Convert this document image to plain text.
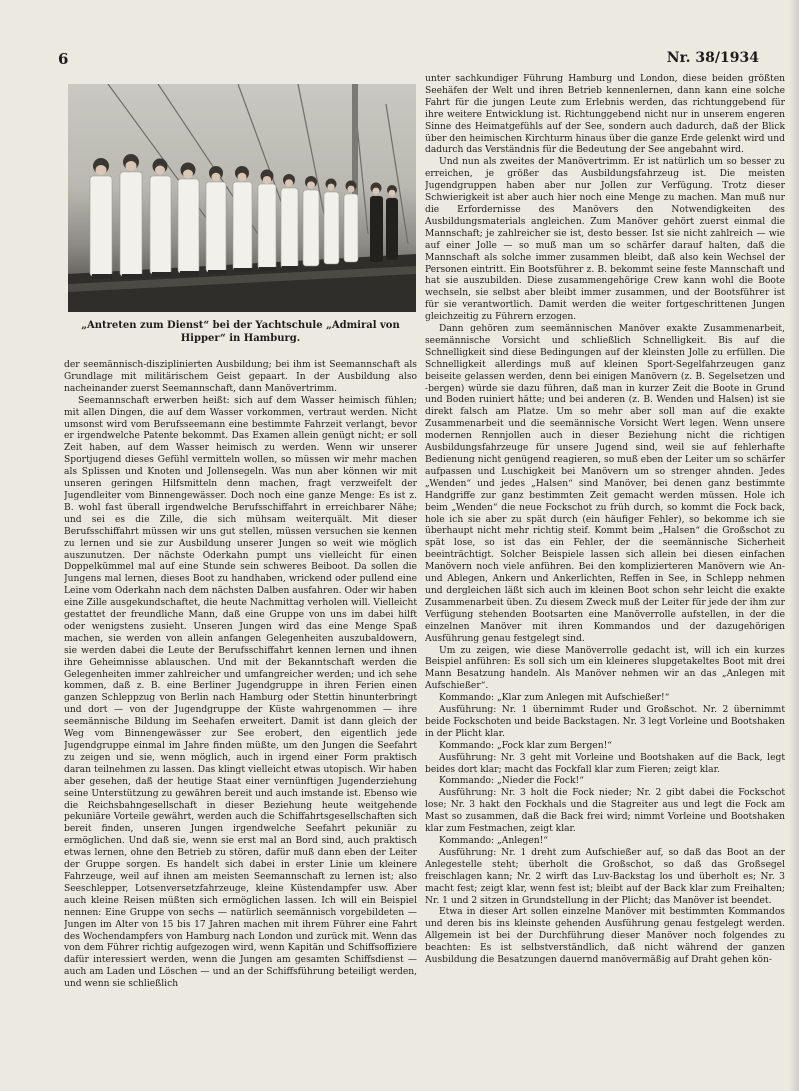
6	Nr. 38/1934
„Antreten zum Dienst“ bei der Yachtschule „Admiral von Hipper“ in Hamburg.

der seemännisch-disziplinierten Ausbildung; bei ihm ist Seemannschaft als Grundlage mit militärischem Geist gepaart. In der Ausbildung also nacheinander zuerst Seemannschaft, dann Manövertrimm.

Seemannschaft erwerben heißt: sich auf dem Wasser heimisch fühlen; mit allen Dingen, die auf dem Wasser vorkommen, vertraut werden. Nicht umsonst wird vom Berufsseemann eine bestimmte Fahrzeit verlangt, bevor er irgendwelche Patente bekommt. Das Examen allein genügt nicht; er soll Zeit haben, auf dem Wasser heimisch zu werden. Wenn wir unserer Sportjugend dieses Gefühl vermitteln wollen, so müssen wir mehr machen als Splissen und Knoten und Jollensegeln. Was nun aber können wir mit unseren geringen Hilfsmitteln denn machen, fragt verzweifelt der Jugendleiter vom Binnengewässer. Doch noch eine ganze Menge: Es ist z. B. wohl fast überall irgendwelche Berufsschiffahrt in erreichbarer Nähe; und sei es die Zille, die sich mühsam weiterquält. Mit dieser Berufsschiffahrt müssen wir uns gut stellen, müssen versuchen sie kennen zu lernen und sie zur Ausbildung unserer Jungen so weit wie möglich auszunutzen. Der nächste Oderkahn pumpt uns vielleicht für einen Doppelkümmel mal auf eine Stunde sein schweres Beiboot. Da sollen die Jungens mal lernen, dieses Boot zu handhaben, wrickend oder pullend eine Leine vom Oderkahn nach dem nächsten Dalben ausfahren. Oder wir haben eine Zille ausgekundschaftet, die heute Nachmittag verholen will. Vielleicht gestattet der freundliche Mann, daß eine Gruppe von uns im dabei hilft oder wenigstens zusieht. Unseren Jungen wird das eine Menge Spaß machen, sie werden von allein anfangen Gelegenheiten auszubaldowern, sie werden dabei die Leute der Berufsschiffahrt kennen lernen und ihnen ihre Geheimnisse ablauschen. Und mit der Bekanntschaft werden die Gelegenheiten immer zahlreicher und umfangreicher werden; und ich sehe kommen, daß z. B. eine Berliner Jugendgruppe in ihren Ferien einen ganzen Schleppzug von Berlin nach Hamburg oder Stettin hinunterbringt und dort — von der Jugendgruppe der Küste wahrgenommen — ihre seemännische Bildung im Seehafen erweitert. Damit ist dann gleich der Weg vom Binnengewässer zur See erobert, den eigentlich jede Jugendgruppe einmal im Jahre finden müßte, um den Jungen die Seefahrt zu zeigen und sie, wenn möglich, auch in irgend einer Form praktisch daran teilnehmen zu lassen. Das klingt vielleicht etwas utopisch. Wir haben aber gesehen, daß der heutige Staat einer vernünftigen Jugenderziehung seine Unterstützung zu gewähren bereit und auch imstande ist. Ebenso wie die Reichsbahngesellschaft in dieser Beziehung heute weitgehende pekuniäre Vorteile gewährt, werden auch die Schiffahrtsgesellschaften sich bereit finden, unseren Jungen irgendwelche Seefahrt pekuniär zu ermöglichen. Und daß sie, wenn sie erst mal an Bord sind, auch praktisch etwas lernen, ohne den Betrieb zu stören, dafür muß dann eben der Leiter der Gruppe sorgen. Es handelt sich dabei in erster Linie um kleinere Fahrzeuge, weil auf ihnen am meisten Seemannschaft zu lernen ist; also Seeschlepper, Lotsenversetzfahrzeuge, kleine Küstendampfer usw. Aber auch kleine Reisen müßten sich ermöglichen lassen. Ich will ein Beispiel nennen: Eine Gruppe von sechs — natürlich seemännisch vorgebildeten — Jungen im Alter von 15 bis 17 Jahren machen mit ihrem Führer eine Fahrt des Wochendampfers von Hamburg nach London und zurück mit. Wenn das von dem Führer richtig aufgezogen wird, wenn Kapitän und Schiffsoffiziere dafür interessiert werden, wenn die Jungen am gesamten Schiffsdienst — auch am Laden und Löschen — und an der Schiffsführung beteiligt werden, und wenn sie schließlich

unter sachkundiger Führung Hamburg und London, diese beiden größten Seehäfen der Welt und ihren Betrieb kennenlernen, dann kann eine solche Fahrt für die jungen Leute zum Erlebnis werden, das richtunggebend für ihre weitere Entwicklung ist. Richtunggebend nicht nur in unserem engeren Sinne des Heimatgefühls auf der See, sondern auch dadurch, daß der Blick über den heimischen Kirchturm hinaus über die ganze Erde gelenkt wird und dadurch das Verständnis für die Bedeutung der See angebahnt wird.

Und nun als zweites der Manövertrimm. Er ist natürlich um so besser zu erreichen, je größer das Ausbildungsfahrzeug ist. Die meisten Jugendgruppen haben aber nur Jollen zur Verfügung. Trotz dieser Schwierigkeit ist aber auch hier noch eine Menge zu machen. Man muß nur die Erfordernisse des Manövers den Notwendigkeiten des Ausbildungsmaterials angleichen. Zum Manöver gehört zuerst einmal die Mannschaft; je zahlreicher sie ist, desto besser. Ist sie nicht zahlreich — wie auf einer Jolle — so muß man um so schärfer darauf halten, daß die Mannschaft als solche immer zusammen bleibt, daß also kein Wechsel der Personen eintritt. Ein Bootsführer z. B. bekommt seine feste Mannschaft und hat sie auszubilden. Diese zusammengehörige Crew kann wohl die Boote wechseln, sie selbst aber bleibt immer zusammen, und der Bootsführer ist für sie verantwortlich. Damit werden die weiter fortgeschrittenen Jungen gleichzeitig zu Führern erzogen.

Dann gehören zum seemännischen Manöver exakte Zusammenarbeit, seemännische Vorsicht und schließlich Schnelligkeit. Bis auf die Schnelligkeit sind diese Bedingungen auf der kleinsten Jolle zu erfüllen. Die Schnelligkeit allerdings muß auf kleinen Sport-Segelfahrzeugen ganz beiseite gelassen werden, denn bei einigen Manövern (z. B. Segelsetzen und -bergen) würde sie dazu führen, daß man in kurzer Zeit die Boote in Grund und Boden ruiniert hätte; und bei anderen (z. B. Wenden und Halsen) ist sie direkt falsch am Platze. Um so mehr aber soll man auf die exakte Zusammenarbeit und die seemännische Vorsicht Wert legen. Wenn unsere modernen Rennjollen auch in dieser Beziehung nicht die richtigen Ausbildungsfahrzeuge für unsere Jugend sind, weil sie auf fehlerhafte Bedienung nicht genügend reagieren, so muß eben der Leiter um so schärfer aufpassen und Luschigkeit bei Manövern um so strenger ahnden. Jedes „Wenden“ und jedes „Halsen“ sind Manöver, bei denen ganz bestimmte Handgriffe zur ganz bestimmten Zeit gemacht werden müssen. Hole ich beim „Wenden“ die neue Fockschot zu früh durch, so kommt die Fock back, hole ich sie aber zu spät durch (ein häufiger Fehler), so bekomme ich sie überhaupt nicht mehr richtig steif. Kommt beim „Halsen“ die Großschot zu spät lose, so ist das ein Fehler, der die seemännische Sicherheit beeinträchtigt. Solcher Beispiele lassen sich allein bei diesen einfachen Manövern noch viele anführen. Bei den komplizierteren Manövern wie An- und Ablegen, Ankern und Ankerlichten, Reffen in See, in Schlepp nehmen und dergleichen läßt sich auch im kleinen Boot schon sehr leicht die exakte Zusammenarbeit üben. Zu diesem Zweck muß der Leiter für jede der ihm zur Verfügung stehenden Bootsarten eine Manöverrolle aufstellen, in der die einzelnen Manöver mit ihren Kommandos und der dazugehörigen Ausführung genau festgelegt sind.

Um zu zeigen, wie diese Manöverrolle gedacht ist, will ich ein kurzes Beispiel anführen: Es soll sich um ein kleineres slupgetakeltes Boot mit drei Mann Besatzung handeln. Als Manöver nehmen wir an das „Anlegen mit Aufschießer“.

Kommando: „Klar zum Anlegen mit Aufschießer!“

Ausführung: Nr. 1 übernimmt Ruder und Großschot. Nr. 2 übernimmt beide Fockschoten und beide Backstagen. Nr. 3 legt Vorleine und Bootshaken in der Plicht klar.

Kommando: „Fock klar zum Bergen!“

Ausführung: Nr. 3 geht mit Vorleine und Bootshaken auf die Back, legt beides dort klar; macht das Fockfall klar zum Fieren; zeigt klar.

Kommando: „Nieder die Fock!“

Ausführung: Nr. 3 holt die Fock nieder; Nr. 2 gibt dabei die Fockschot lose; Nr. 3 hakt den Fockhals und die Stagreiter aus und legt die Fock am Mast so zusammen, daß die Back frei wird; nimmt Vorleine und Bootshaken klar zum Festmachen, zeigt klar.

Kommando: „Anlegen!“

Ausführung: Nr. 1 dreht zum Aufschießer auf, so daß das Boot an der Anlegestelle steht; überholt die Großschot, so daß das Großsegel freischlagen kann; Nr. 2 wirft das Luv-Backstag los und überholt es; Nr. 3 macht fest; zeigt klar, wenn fest ist; bleibt auf der Back klar zum Freihalten; Nr. 1 und 2 sitzen in Grundstellung in der Plicht; das Manöver ist beendet.

Etwa in dieser Art sollen einzelne Manöver mit bestimmten Kommandos und deren bis ins kleinste gehenden Ausführung genau festgelegt werden. Allgemein ist bei der Durchführung dieser Manöver noch folgendes zu beachten: Es ist selbstverständlich, daß nicht während der ganzen Ausbildung die Besatzungen dauernd manövermäßig auf Draht gehen kön-
